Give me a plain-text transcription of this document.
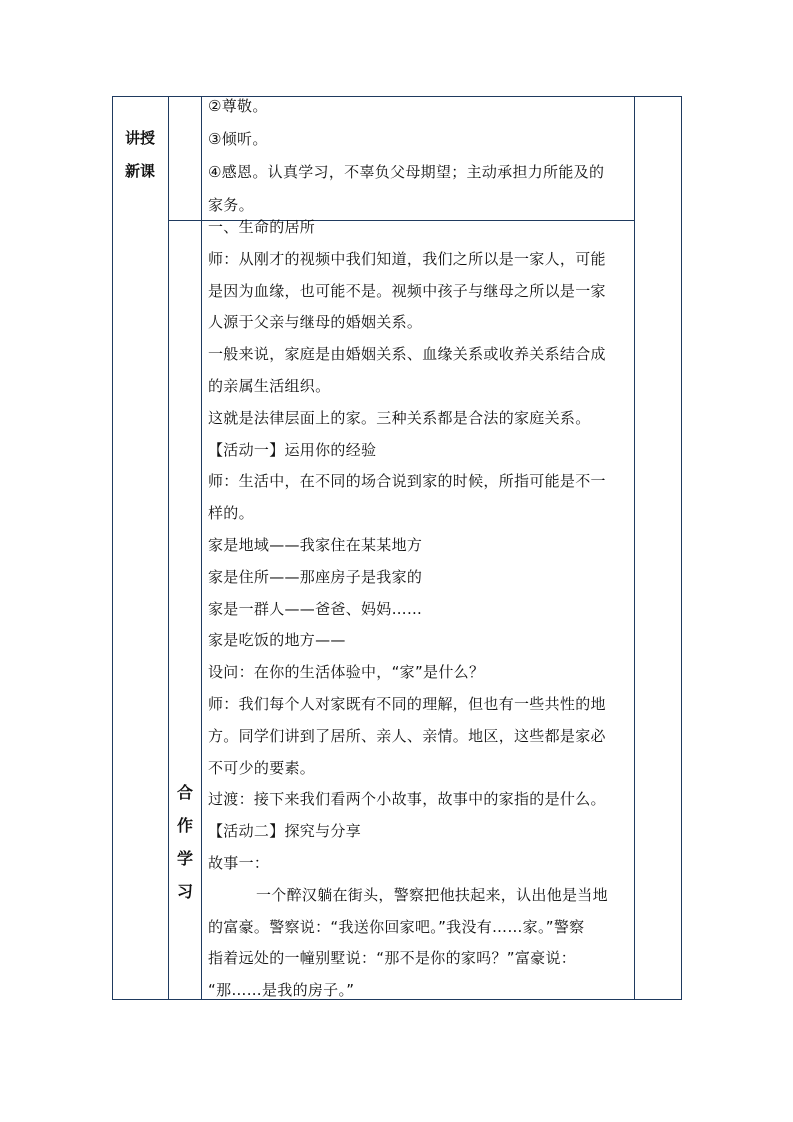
讲授
新课
合
作
学
习
②尊敬。
③倾听。
④感恩。认真学习，不辜负父母期望；主动承担力所能及的
家务。
一、生命的居所
师：从刚才的视频中我们知道，我们之所以是一家人，可能
是因为血缘，也可能不是。视频中孩子与继母之所以是一家
人源于父亲与继母的婚姻关系。
一般来说，家庭是由婚姻关系、血缘关系或收养关系结合成
的亲属生活组织。
这就是法律层面上的家。三种关系都是合法的家庭关系。
【活动一】运用你的经验
师：生活中，在不同的场合说到家的时候，所指可能是不一
样的。
家是地域——我家住在某某地方
家是住所——那座房子是我家的
家是一群人——爸爸、妈妈……
家是吃饭的地方——
设问：在你的生活体验中，“家”是什么？
师：我们每个人对家既有不同的理解，但也有一些共性的地
方。同学们讲到了居所、亲人、亲情。地区，这些都是家必
不可少的要素。
过渡：接下来我们看两个小故事，故事中的家指的是什么。
【活动二】探究与分享
故事一：
一个醉汉躺在街头，警察把他扶起来，认出他是当地
的富豪。警察说：“我送你回家吧。”我没有……家。”警察
指着远处的一幢别墅说：“那不是你的家吗？”富豪说：
“那……是我的房子。”
